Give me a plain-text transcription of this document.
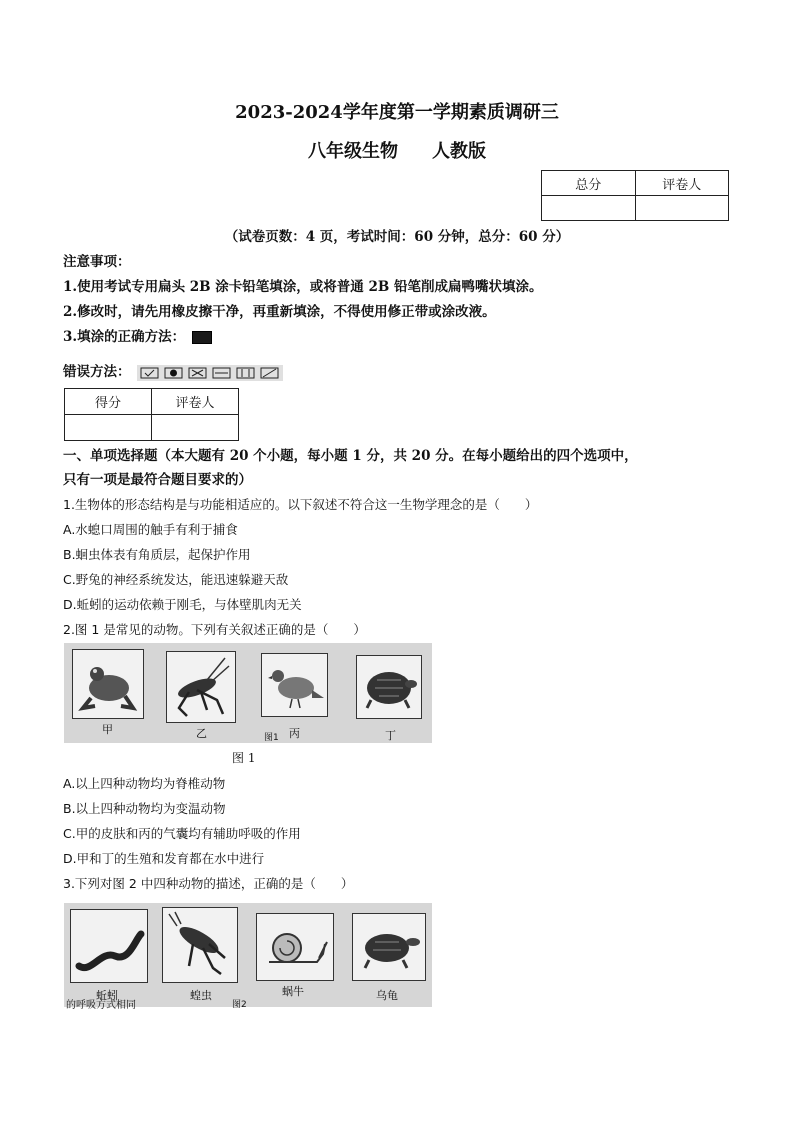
2023-2024学年度第一学期素质调研三
八年级生物 人教版
总分	评卷人

（试卷页数：4 页，考试时间：60 分钟，总分：60 分）
注意事项：
1.使用考试专用扁头 2B 涂卡铅笔填涂，或将普通 2B 铅笔削成扁鸭嘴状填涂。
2.修改时，请先用橡皮擦干净，再重新填涂，不得使用修正带或涂改液。
3.填涂的正确方法：
错误方法：
得分	评卷人

一、单项选择题（本大题有 20 个小题，每小题 1 分，共 20 分。在每小题给出的四个选项中，
只有一项是最符合题目要求的）
1.生物体的形态结构是与功能相适应的。以下叙述不符合这一生物学理念的是（　　）
A.水螅口周围的触手有利于捕食
B.蛔虫体表有角质层，起保护作用
C.野兔的神经系统发达，能迅速躲避天敌
D.蚯蚓的运动依赖于刚毛，与体壁肌肉无关
2.图 1 是常见的动物。下列有关叙述正确的是（　　）
甲	乙	图1 丙	丁
图 1
A.以上四种动物均为脊椎动物
B.以上四种动物均为变温动物
C.甲的皮肤和丙的气囊均有辅助呼吸的作用
D.甲和丁的生殖和发育都在水中进行
3.下列对图 2 中四种动物的描述，正确的是（　　）
蚯蚓	蝗虫	蜗牛	乌龟
图2
的呼吸方式相同
